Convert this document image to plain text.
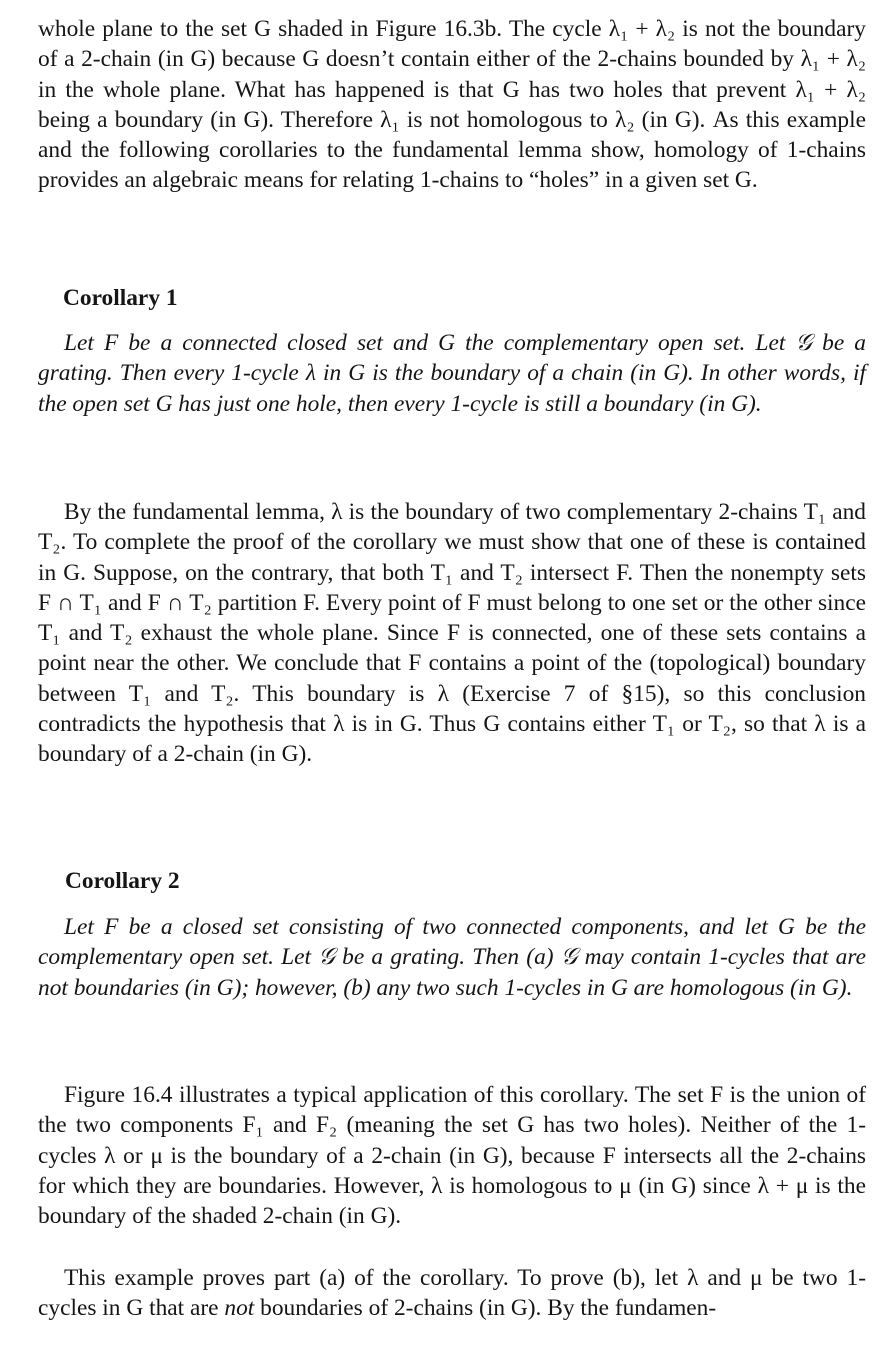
whole plane to the set G shaded in Figure 16.3b. The cycle λ₁ + λ₂ is not the boundary of a 2-chain (in G) because G doesn’t contain either of the 2-chains bounded by λ₁ + λ₂ in the whole plane. What has happened is that G has two holes that prevent λ₁ + λ₂ being a boundary (in G). Therefore λ₁ is not homologous to λ₂ (in G). As this example and the following corollaries to the fundamental lemma show, homology of 1-chains provides an algebraic means for relating 1-chains to “holes” in a given set G.

Corollary 1

Let F be a connected closed set and G the complementary open set. Let 𝒢 be a grating. Then every 1-cycle λ in G is the boundary of a chain (in G). In other words, if the open set G has just one hole, then every 1-cycle is still a boundary (in G).

By the fundamental lemma, λ is the boundary of two complementary 2-chains T₁ and T₂. To complete the proof of the corollary we must show that one of these is contained in G. Suppose, on the contrary, that both T₁ and T₂ intersect F. Then the nonempty sets F ∩ T₁ and F ∩ T₂ partition F. Every point of F must belong to one set or the other since T₁ and T₂ exhaust the whole plane. Since F is connected, one of these sets contains a point near the other. We conclude that F contains a point of the (topological) boundary between T₁ and T₂. This boundary is λ (Exercise 7 of §15), so this conclusion contradicts the hypothesis that λ is in G. Thus G contains either T₁ or T₂, so that λ is a boundary of a 2-chain (in G).

Corollary 2

Let F be a closed set consisting of two connected components, and let G be the complementary open set. Let 𝒢 be a grating. Then (a) 𝒢 may contain 1-cycles that are not boundaries (in G); however, (b) any two such 1-cycles in G are homologous (in G).

Figure 16.4 illustrates a typical application of this corollary. The set F is the union of the two components F₁ and F₂ (meaning the set G has two holes). Neither of the 1-cycles λ or μ is the boundary of a 2-chain (in G), because F intersects all the 2-chains for which they are boundaries. However, λ is homologous to μ (in G) since λ + μ is the boundary of the shaded 2-chain (in G).

This example proves part (a) of the corollary. To prove (b), let λ and μ be two 1-cycles in G that are not boundaries of 2-chains (in G). By the fundamen-
